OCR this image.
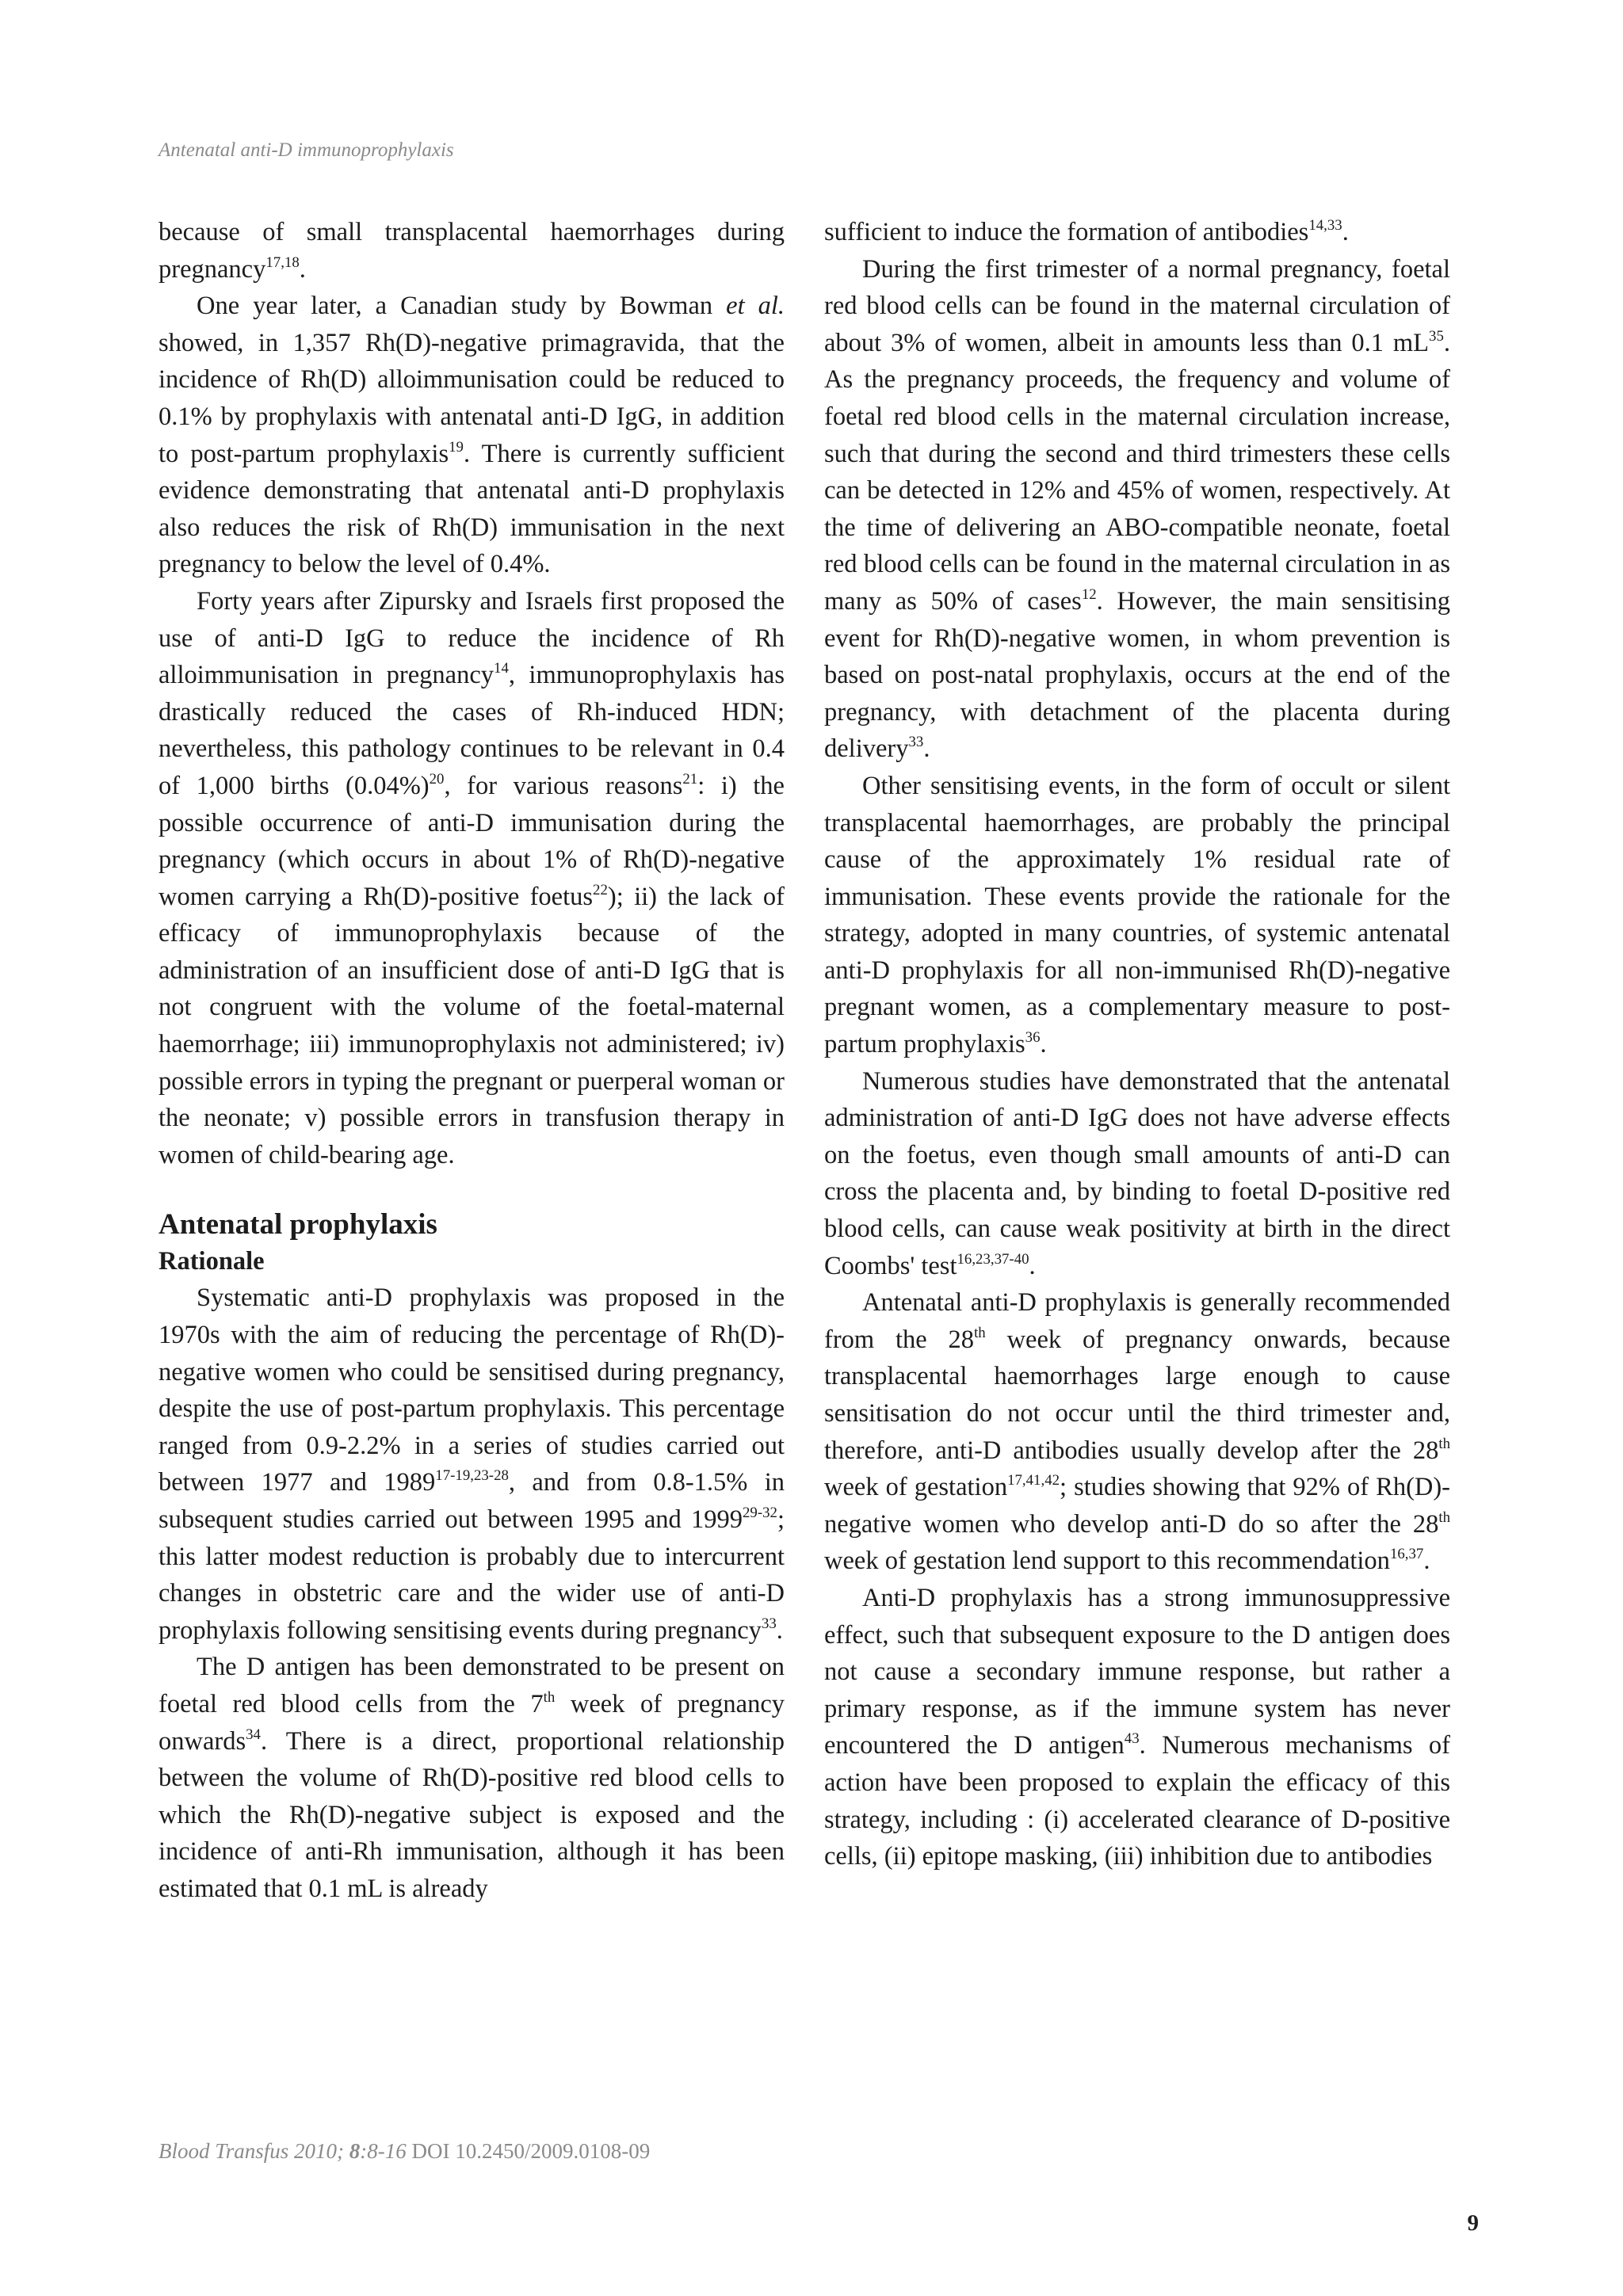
Antenatal anti-D immunoprophylaxis

because of small transplacental haemorrhages during pregnancy$^{17,18}$.

One year later, a Canadian study by Bowman et al. showed, in 1,357 Rh(D)-negative primagravida, that the incidence of Rh(D) alloimmunisation could be reduced to 0.1% by prophylaxis with antenatal anti-D IgG, in addition to post-partum prophylaxis$^{19}$. There is currently sufficient evidence demonstrating that antenatal anti-D prophylaxis also reduces the risk of Rh(D) immunisation in the next pregnancy to below the level of 0.4%.

Forty years after Zipursky and Israels first proposed the use of anti-D IgG to reduce the incidence of Rh alloimmunisation in pregnancy$^{14}$, immunoprophylaxis has drastically reduced the cases of Rh-induced HDN; nevertheless, this pathology continues to be relevant in 0.4 of 1,000 births $(0.04\%)^{20}$, for various reasons$^{21}$: i) the possible occurrence of anti-D immunisation during the pregnancy (which occurs in about 1% of Rh(D)-negative women carrying a Rh(D)-positive foetus$^{22}$); ii) the lack of efficacy of immunoprophylaxis because of the administration of an insufficient dose of anti-D IgG that is not congruent with the volume of the foetal-maternal haemorrhage; iii) immunoprophylaxis not administered; iv) possible errors in typing the pregnant or puerperal woman or the neonate; v) possible errors in transfusion therapy in women of child-bearing age.

Antenatal prophylaxis
Rationale

Systematic anti-D prophylaxis was proposed in the 1970s with the aim of reducing the percentage of Rh(D)-negative women who could be sensitised during pregnancy, despite the use of post-partum prophylaxis. This percentage ranged from 0.9-2.2% in a series of studies carried out between 1977 and 1989$^{17-19,23-28}$, and from 0.8-1.5% in subsequent studies carried out between 1995 and 1999$^{29-32}$; this latter modest reduction is probably due to intercurrent changes in obstetric care and the wider use of anti-D prophylaxis following sensitising events during pregnancy$^{33}$.

The D antigen has been demonstrated to be present on foetal red blood cells from the 7th week of pregnancy onwards$^{34}$. There is a direct, proportional relationship between the volume of Rh(D)-positive red blood cells to which the Rh(D)-negative subject is exposed and the incidence of anti-Rh immunisation, although it has been estimated that 0.1 mL is already

sufficient to induce the formation of antibodies$^{14,33}$.

During the first trimester of a normal pregnancy, foetal red blood cells can be found in the maternal circulation of about 3% of women, albeit in amounts less than 0.1 $mL^{35}$. As the pregnancy proceeds, the frequency and volume of foetal red blood cells in the maternal circulation increase, such that during the second and third trimesters these cells can be detected in 12% and 45% of women, respectively. At the time of delivering an ABO-compatible neonate, foetal red blood cells can be found in the maternal circulation in as many as 50% of cases$^{12}$. However, the main sensitising event for Rh(D)-negative women, in whom prevention is based on post-natal prophylaxis, occurs at the end of the pregnancy, with detachment of the placenta during delivery$^{33}$.

Other sensitising events, in the form of occult or silent transplacental haemorrhages, are probably the principal cause of the approximately 1% residual rate of immunisation. These events provide the rationale for the strategy, adopted in many countries, of systemic antenatal anti-D prophylaxis for all non-immunised Rh(D)-negative pregnant women, as a complementary measure to post-partum prophylaxis$^{36}$.

Numerous studies have demonstrated that the antenatal administration of anti-D IgG does not have adverse effects on the foetus, even though small amounts of anti-D can cross the placenta and, by binding to foetal D-positive red blood cells, can cause weak positivity at birth in the direct Coombs' test$^{16,23,37-40}$.

Antenatal anti-D prophylaxis is generally recommended from the 28th week of pregnancy onwards, because transplacental haemorrhages large enough to cause sensitisation do not occur until the third trimester and, therefore, anti-D antibodies usually develop after the 28th week of gestation$^{17,41,42}$; studies showing that 92% of Rh(D)-negative women who develop anti-D do so after the 28th week of gestation lend support to this recommendation$^{16,37}$.

Anti-D prophylaxis has a strong immunosuppressive effect, such that subsequent exposure to the D antigen does not cause a secondary immune response, but rather a primary response, as if the immune system has never encountered the D antigen$^{43}$. Numerous mechanisms of action have been proposed to explain the efficacy of this strategy, including : (i) accelerated clearance of D-positive cells, (ii) epitope masking, (iii) inhibition due to antibodies

Blood Transfus 2010; 8:8-16 DOI 10.2450/2009.0108-09
9
